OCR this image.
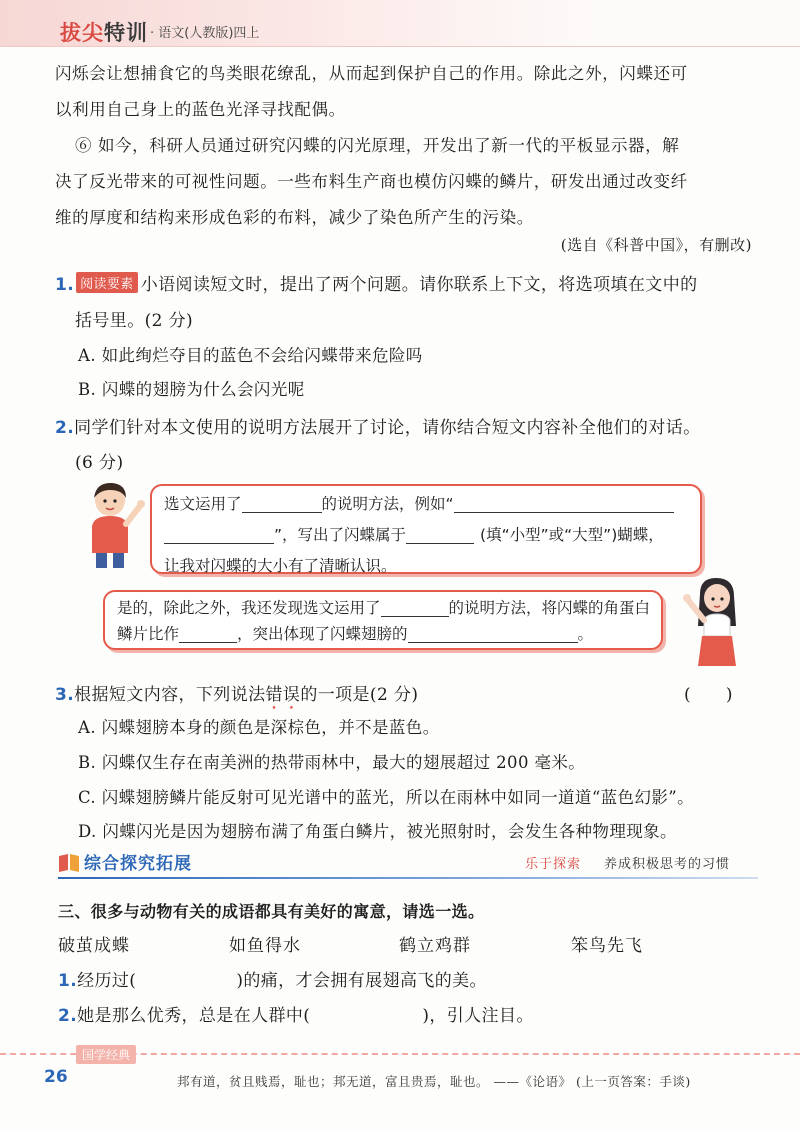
拔尖特训 · 语文(人教版)四上
闪烁会让想捕食它的鸟类眼花缭乱，从而起到保护自己的作用。除此之外，闪蝶还可
以利用自己身上的蓝色光泽寻找配偶。
⑥ 如今，科研人员通过研究闪蝶的闪光原理，开发出了新一代的平板显示器，解
决了反光带来的可视性问题。一些布料生产商也模仿闪蝶的鳞片，研发出通过改变纤
维的厚度和结构来形成色彩的布料，减少了染色所产生的污染。
(选自《科普中国》，有删改)
1. 阅读要素 小语阅读短文时，提出了两个问题。请你联系上下文，将选项填在文中的
括号里。(2 分)
A. 如此绚烂夺目的蓝色不会给闪蝶带来危险吗
B. 闪蝶的翅膀为什么会闪光呢
2.同学们针对本文使用的说明方法展开了讨论，请你结合短文内容补全他们的对话。
(6 分)
选文运用了	的说明方法，例如“
”，写出了闪蝶属于	(填“小型”或“大型”)蝴蝶，
让我对闪蝶的大小有了清晰认识。
是的，除此之外，我还发现选文运用了	的说明方法，将闪蝶的角蛋白
鳞片比作	，突出体现了闪蝶翅膀的	。
3.根据短文内容，下列说法错误的一项是(2 分)	(　　)
A. 闪蝶翅膀本身的颜色是深棕色，并不是蓝色。
B. 闪蝶仅生存在南美洲的热带雨林中，最大的翅展超过 200 毫米。
C. 闪蝶翅膀鳞片能反射可见光谱中的蓝光，所以在雨林中如同一道道“蓝色幻影”。
D. 闪蝶闪光是因为翅膀布满了角蛋白鳞片，被光照射时，会发生各种物理现象。
综合探究拓展	乐于探索 养成积极思考的习惯
三、很多与动物有关的成语都具有美好的寓意，请选一选。
破茧成蝶	如鱼得水	鹤立鸡群	笨鸟先飞
1.经历过(	)的痛，才会拥有展翅高飞的美。
2.她是那么优秀，总是在人群中(	)，引人注目。
国学经典
26	邦有道，贫且贱焉，耻也；邦无道，富且贵焉，耻也。 ——《论语》 (上一页答案：手谈)
